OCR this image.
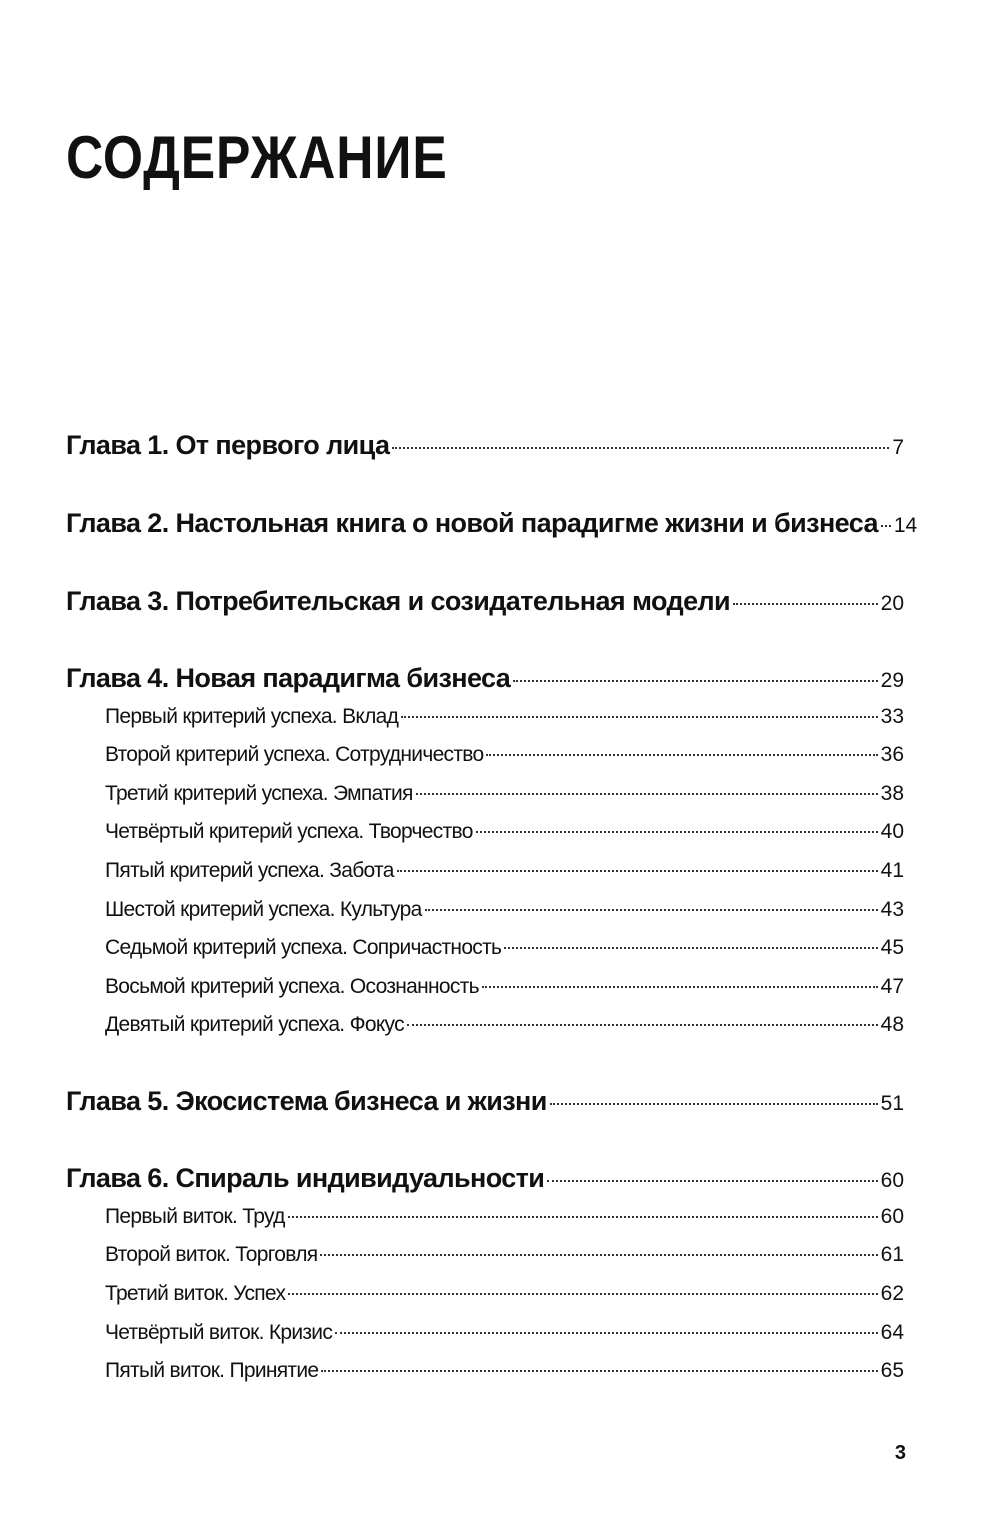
СОДЕРЖАНИЕ
Глава 1. От первого лица	7
Глава 2. Настольная книга о новой парадигме жизни и бизнеса 14
Глава 3. Потребительская и созидательная модели	20
Глава 4. Новая парадигма бизнеса	29
Первый критерий успеха. Вклад	33
Второй критерий успеха. Сотрудничество	36
Третий критерий успеха. Эмпатия	38
Четвёртый критерий успеха. Творчество	40
Пятый критерий успеха. Забота	41
Шестой критерий успеха. Культура	43
Седьмой критерий успеха. Сопричастность	45
Восьмой критерий успеха. Осознанность	47
Девятый критерий успеха. Фокус	48
Глава 5. Экосистема бизнеса и жизни	51
Глава 6. Спираль индивидуальности	60
Первый виток. Труд	60
Второй виток. Торговля	61
Третий виток. Успех	62
Четвёртый виток. Кризис	64
Пятый виток. Принятие	65
3
